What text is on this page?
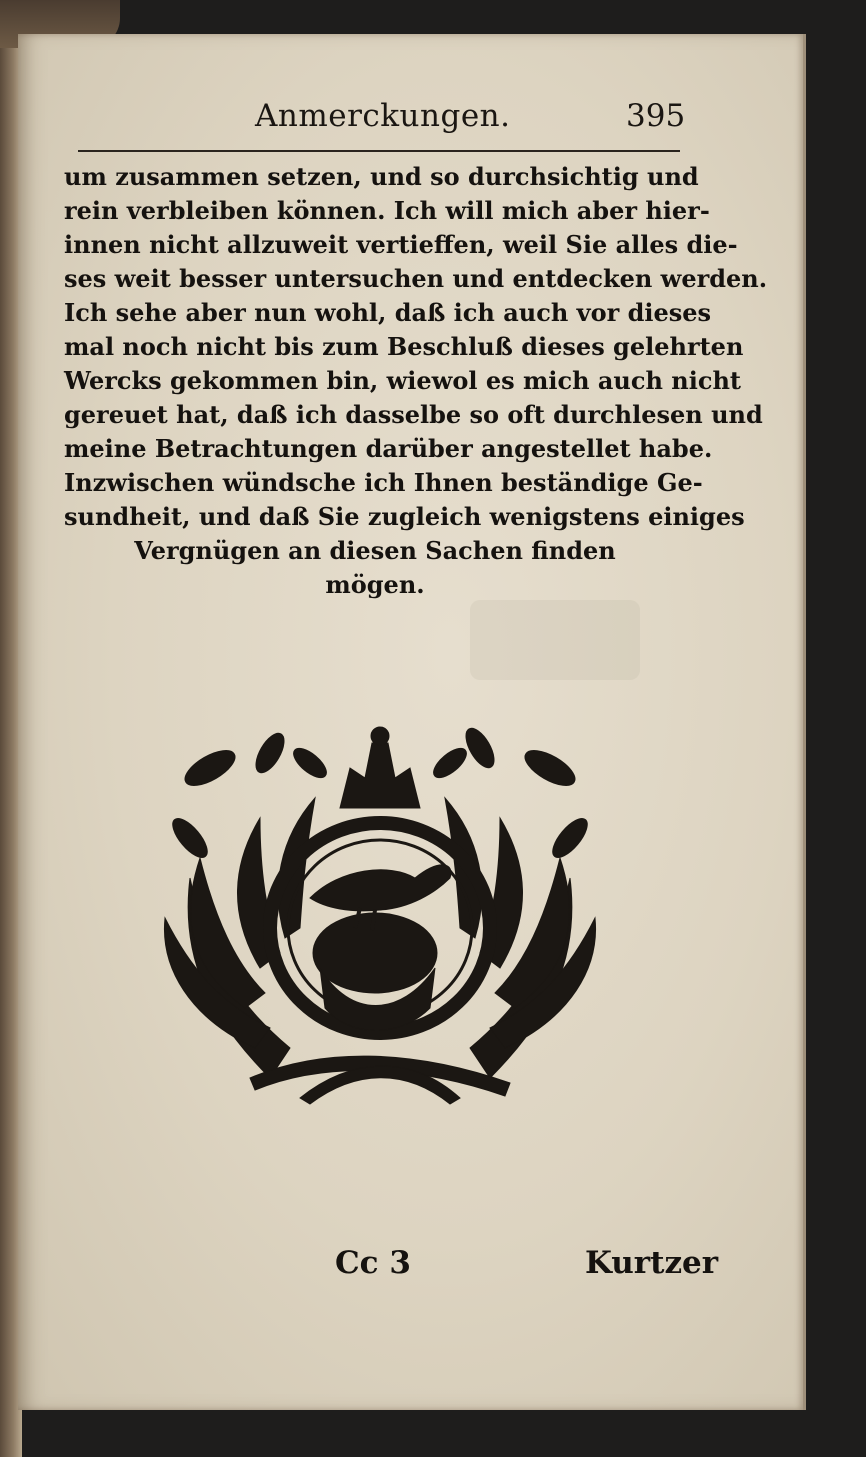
Anmerckungen.	395
um zusammen setzen, und so durchsichtig und
rein verbleiben können. Ich will mich aber hier-
innen nicht allzuweit vertieffen, weil Sie alles die-
ses weit besser untersuchen und entdecken werden.
Ich sehe aber nun wohl, daß ich auch vor dieses
mal noch nicht bis zum Beschluß dieses gelehrten
Wercks gekommen bin, wiewol es mich auch nicht
gereuet hat, daß ich dasselbe so oft durchlesen und
meine Betrachtungen darüber angestellet habe.
Inzwischen wündsche ich Ihnen beständige Ge-
sundheit, und daß Sie zugleich wenigstens einiges
Vergnügen an diesen Sachen finden
mögen.
Cc 3	Kurtzer
